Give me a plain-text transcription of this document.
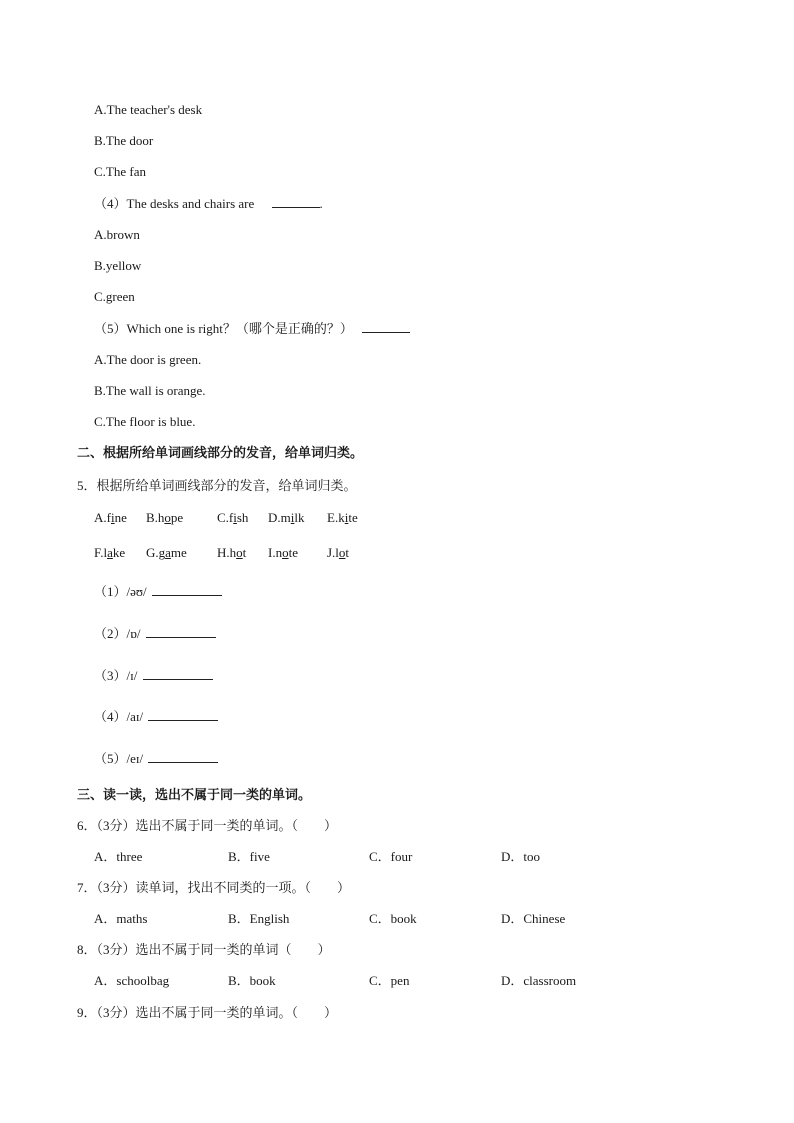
A.The teacher's desk
B.The door
C.The fan
（4）The desks and chairs are	.
A.brown
B.yellow
C.green
（5）Which one is right？（哪个是正确的？）
A.The door is green.
B.The wall is orange.
C.The floor is blue.
二、根据所给单词画线部分的发音，给单词归类。
5．根据所给单词画线部分的发音，给单词归类。
A.fine B.hope	C.fish D.milk E.kite
F.lake G.game H.hot I.note J.lot
（1）/əʊ/
（2）/ɒ/
（3）/ɪ/
（4）/aɪ/
（5）/eɪ/
三、读一读，选出不属于同一类的单词。
6．（3分）选出不属于同一类的单词。（　　）
A．three	B．five	C．four	D．too
7．（3分）读单词，找出不同类的一项。（　　）
A．maths	B．English	C．book	D．Chinese
8．（3分）选出不属于同一类的单词（　　）
A．schoolbag	B．book	C．pen	D．classroom
9．（3分）选出不属于同一类的单词。（　　）
